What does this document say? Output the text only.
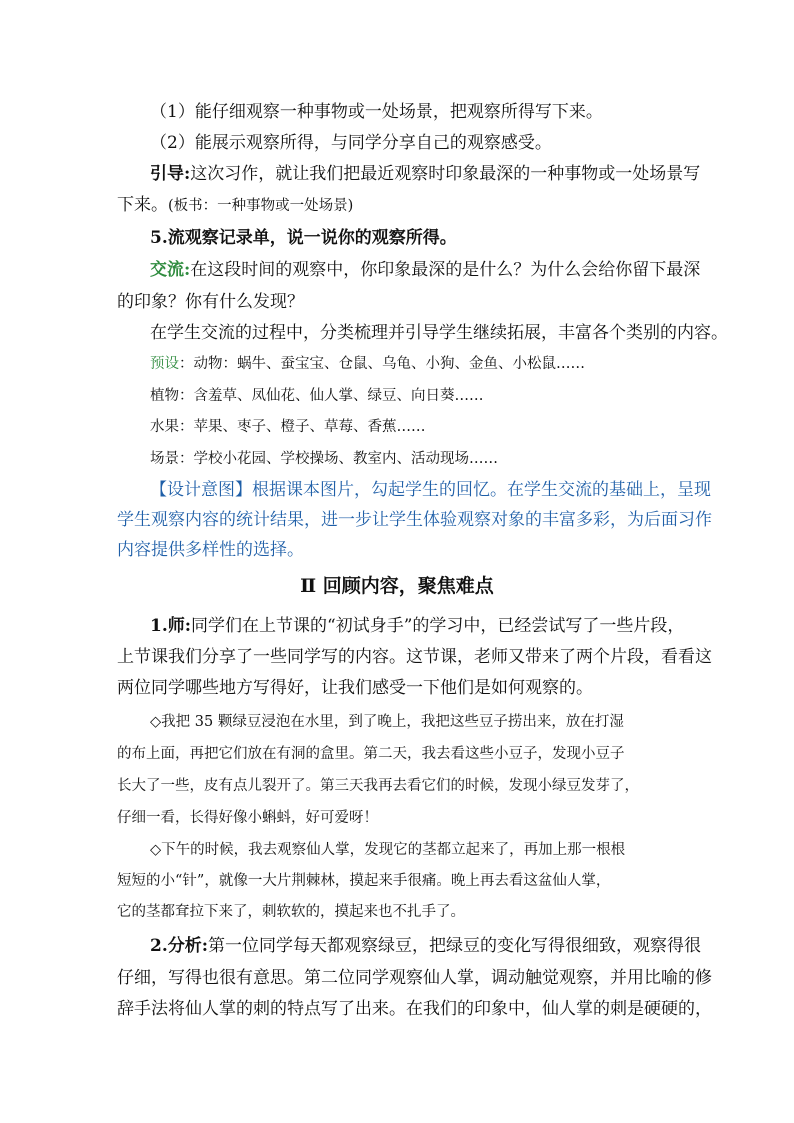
（1）能仔细观察一种事物或一处场景，把观察所得写下来。
（2）能展示观察所得，与同学分享自己的观察感受。
引导:这次习作，就让我们把最近观察时印象最深的一种事物或一处场景写
下来。(板书：一种事物或一处场景)
5.流观察记录单，说一说你的观察所得。
交流:在这段时间的观察中，你印象最深的是什么？为什么会给你留下最深
的印象？你有什么发现？
在学生交流的过程中，分类梳理并引导学生继续拓展，丰富各个类别的内容。
预设：动物：蜗牛、蚕宝宝、仓鼠、乌龟、小狗、金鱼、小松鼠……
植物：含羞草、凤仙花、仙人掌、绿豆、向日葵……
水果：苹果、枣子、橙子、草莓、香蕉……
场景：学校小花园、学校操场、教室内、活动现场……
【设计意图】根据课本图片，勾起学生的回忆。在学生交流的基础上，呈现
学生观察内容的统计结果，进一步让学生体验观察对象的丰富多彩，为后面习作
内容提供多样性的选择。
Ⅱ 回顾内容，聚焦难点
1.师:同学们在上节课的“初试身手”的学习中，已经尝试写了一些片段，
上节课我们分享了一些同学写的内容。这节课，老师又带来了两个片段，看看这
两位同学哪些地方写得好，让我们感受一下他们是如何观察的。
◇我把 35 颗绿豆浸泡在水里，到了晚上，我把这些豆子捞出来，放在打湿
的布上面，再把它们放在有洞的盒里。第二天，我去看这些小豆子，发现小豆子
长大了一些，皮有点儿裂开了。第三天我再去看它们的时候，发现小绿豆发芽了，
仔细一看，长得好像小蝌蚪，好可爱呀！
◇下午的时候，我去观察仙人掌，发现它的茎都立起来了，再加上那一根根
短短的小“针”，就像一大片荆棘林，摸起来手很痛。晚上再去看这盆仙人掌，
它的茎都耷拉下来了，刺软软的，摸起来也不扎手了。
2.分析:第一位同学每天都观察绿豆，把绿豆的变化写得很细致，观察得很
仔细，写得也很有意思。第二位同学观察仙人掌，调动触觉观察，并用比喻的修
辞手法将仙人掌的刺的特点写了出来。在我们的印象中，仙人掌的刺是硬硬的，
